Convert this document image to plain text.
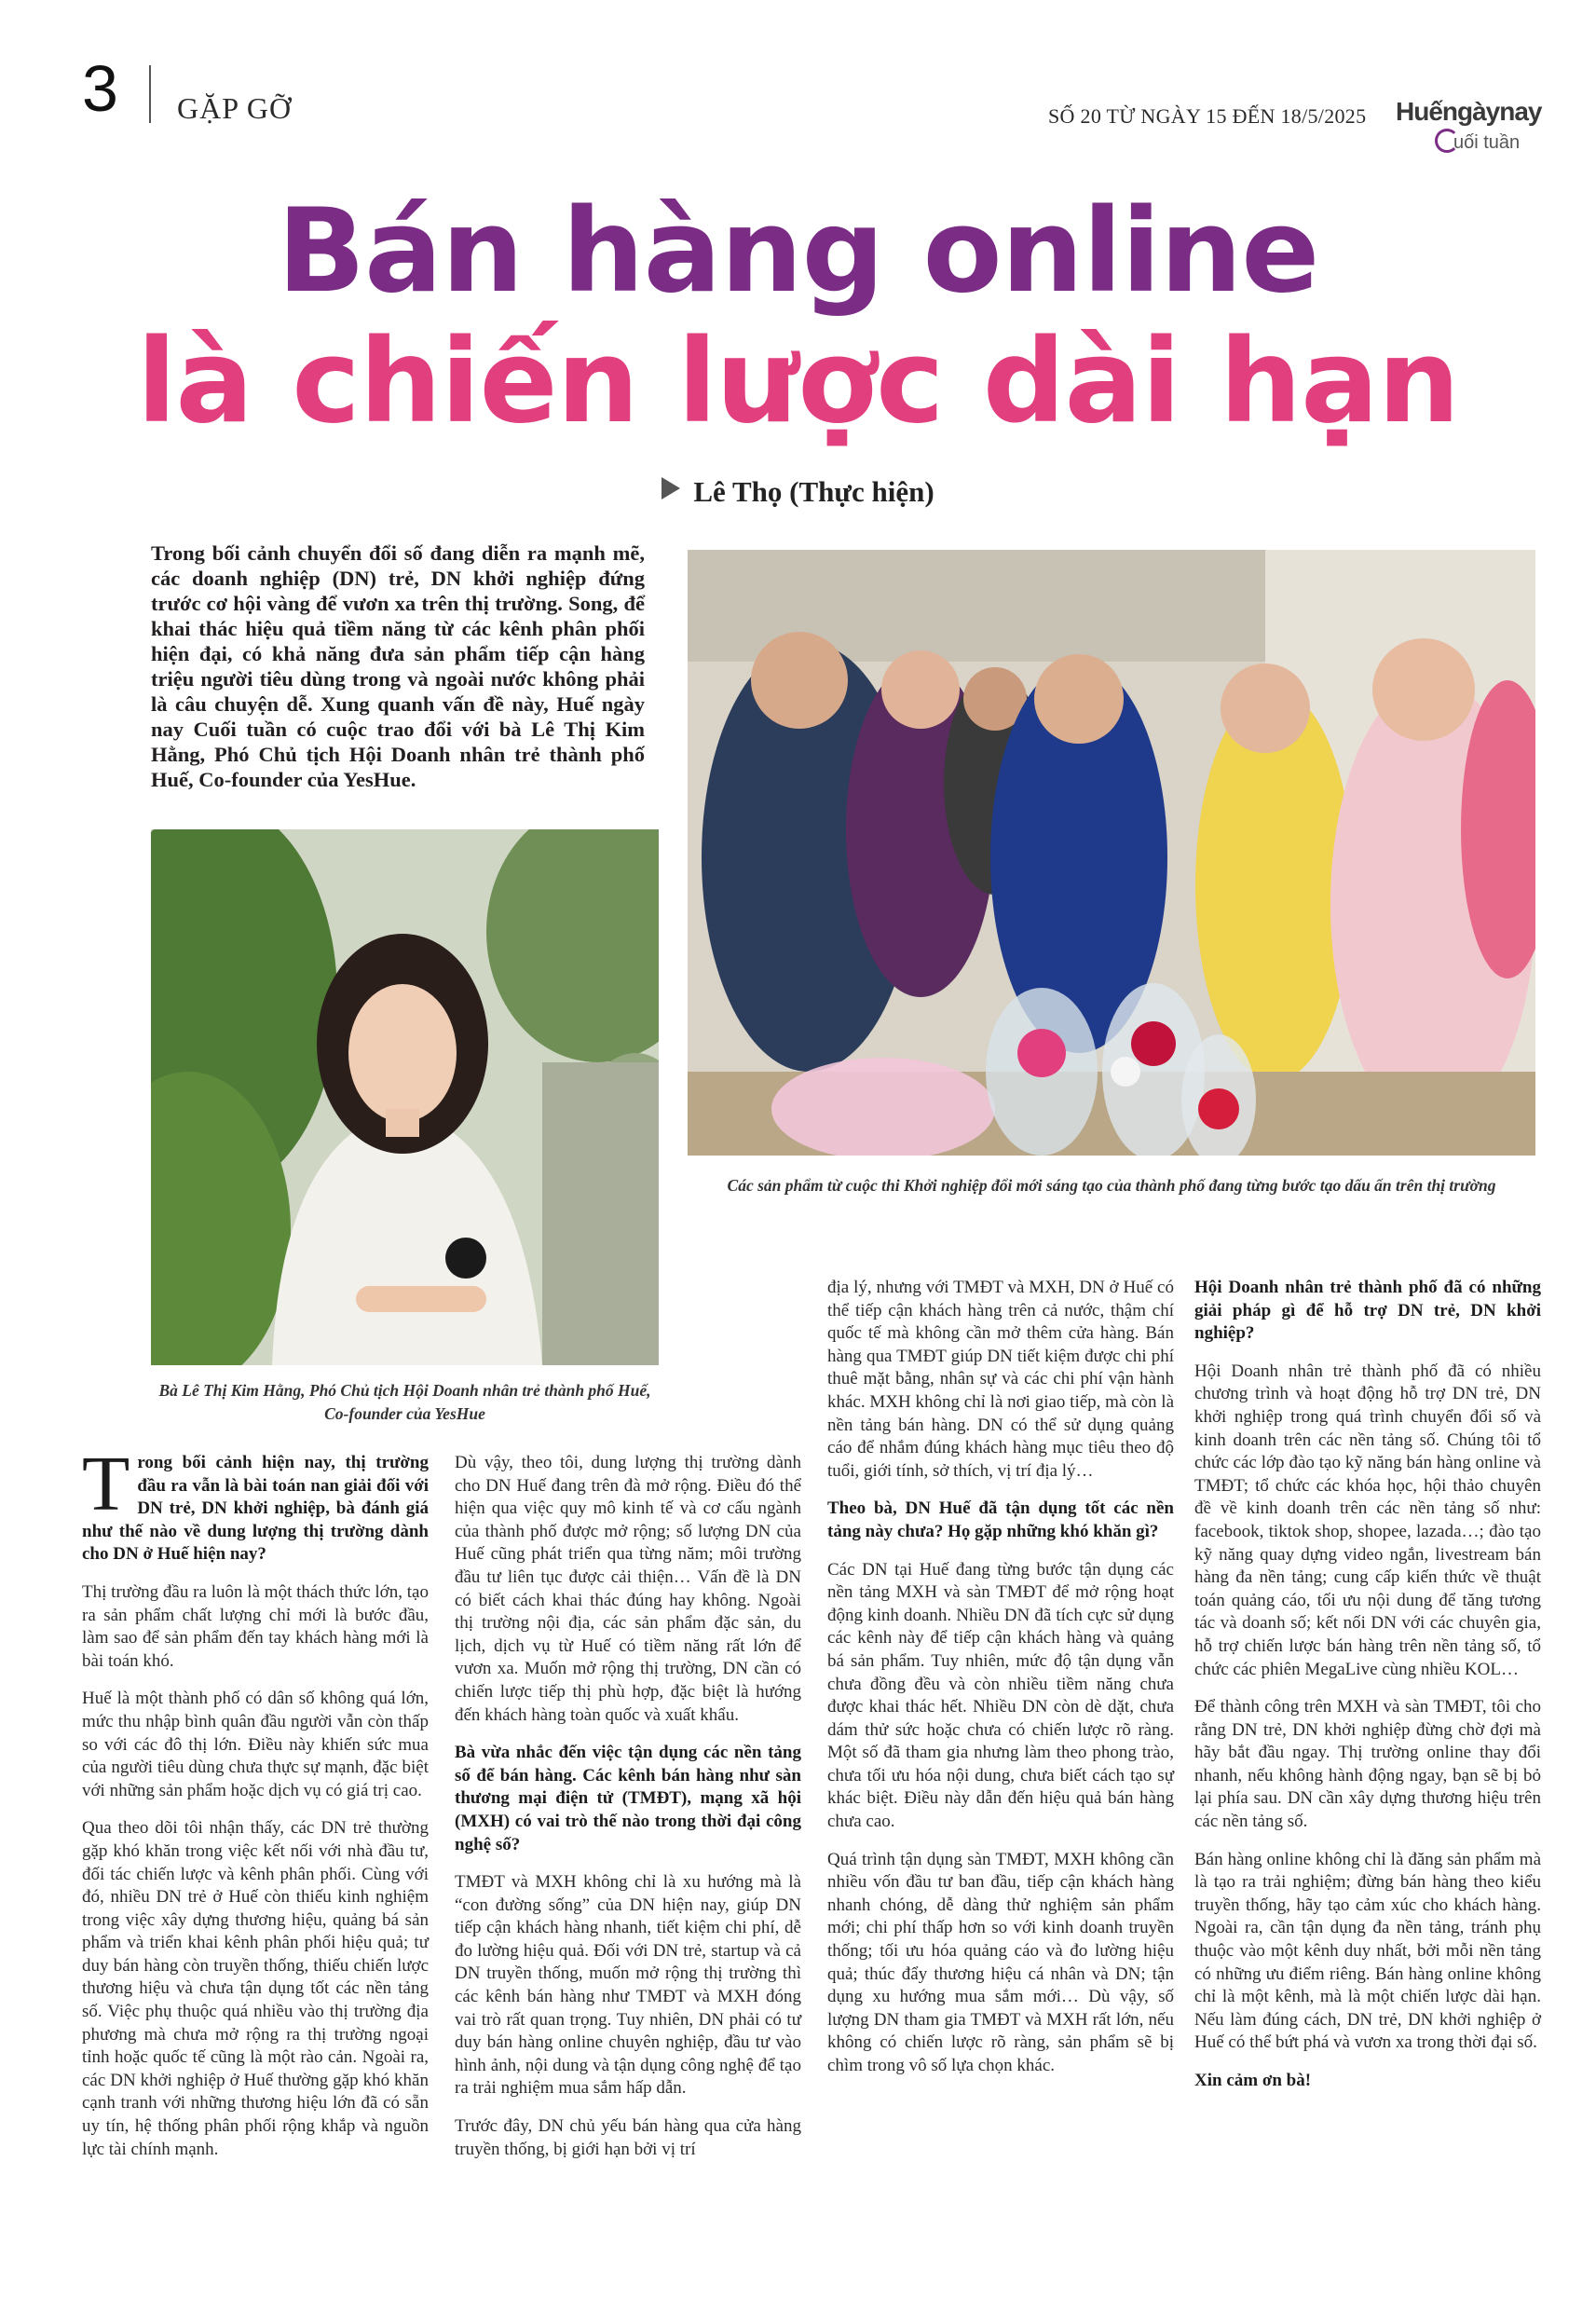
3 GẶP GỠ	SỐ 20 TỪ NGÀY 15 ĐẾN 18/5/2025 Huếngàynay
uối tuần
Bán hàng online
là chiến lược dài hạn
Lê Thọ (Thực hiện)
Trong bối cảnh chuyển đổi số đang diễn ra mạnh mẽ, các doanh nghiệp (DN) trẻ, DN khởi nghiệp đứng trước cơ hội vàng để vươn xa trên thị trường. Song, để khai thác hiệu quả tiềm năng từ các kênh phân phối hiện đại, có khả năng đưa sản phẩm tiếp cận hàng triệu người tiêu dùng trong và ngoài nước không phải là câu chuyện dễ. Xung quanh vấn đề này, Huế ngày nay Cuối tuần có cuộc trao đổi với bà Lê Thị Kim Hằng, Phó Chủ tịch Hội Doanh nhân trẻ thành phố Huế, Co-founder của YesHue.
Bà Lê Thị Kim Hằng, Phó Chủ tịch Hội Doanh nhân trẻ thành phố Huế, Co-founder của YesHue
Các sản phẩm từ cuộc thi Khởi nghiệp đổi mới sáng tạo của thành phố đang từng bước tạo dấu ấn trên thị trường

Trong bối cảnh hiện nay, thị trường đầu ra vẫn là bài toán nan giải đối với DN trẻ, DN khởi nghiệp, bà đánh giá như thế nào về dung lượng thị trường dành cho DN ở Huế hiện nay?

Thị trường đầu ra luôn là một thách thức lớn, tạo ra sản phẩm chất lượng chỉ mới là bước đầu, làm sao để sản phẩm đến tay khách hàng mới là bài toán khó.

Huế là một thành phố có dân số không quá lớn, mức thu nhập bình quân đầu người vẫn còn thấp so với các đô thị lớn. Điều này khiến sức mua của người tiêu dùng chưa thực sự mạnh, đặc biệt với những sản phẩm hoặc dịch vụ có giá trị cao.

Qua theo dõi tôi nhận thấy, các DN trẻ thường gặp khó khăn trong việc kết nối với nhà đầu tư, đối tác chiến lược và kênh phân phối. Cùng với đó, nhiều DN trẻ ở Huế còn thiếu kinh nghiệm trong việc xây dựng thương hiệu, quảng bá sản phẩm và triển khai kênh phân phối hiệu quả; tư duy bán hàng còn truyền thống, thiếu chiến lược thương hiệu và chưa tận dụng tốt các nền tảng số. Việc phụ thuộc quá nhiều vào thị trường địa phương mà chưa mở rộng ra thị trường ngoại tỉnh hoặc quốc tế cũng là một rào cản. Ngoài ra, các DN khởi nghiệp ở Huế thường gặp khó khăn cạnh tranh với những thương hiệu lớn đã có sẵn uy tín, hệ thống phân phối rộng khắp và nguồn lực tài chính mạnh.

Dù vậy, theo tôi, dung lượng thị trường dành cho DN Huế đang trên đà mở rộng. Điều đó thể hiện qua việc quy mô kinh tế và cơ cấu ngành của thành phố được mở rộng; số lượng DN của Huế cũng phát triển qua từng năm; môi trường đầu tư liên tục được cải thiện… Vấn đề là DN có biết cách khai thác đúng hay không. Ngoài thị trường nội địa, các sản phẩm đặc sản, du lịch, dịch vụ từ Huế có tiềm năng rất lớn để vươn xa. Muốn mở rộng thị trường, DN cần có chiến lược tiếp thị phù hợp, đặc biệt là hướng đến khách hàng toàn quốc và xuất khẩu.

Bà vừa nhắc đến việc tận dụng các nền tảng số để bán hàng. Các kênh bán hàng như sàn thương mại điện tử (TMĐT), mạng xã hội (MXH) có vai trò thế nào trong thời đại công nghệ số?

TMĐT và MXH không chỉ là xu hướng mà là “con đường sống” của DN hiện nay, giúp DN tiếp cận khách hàng nhanh, tiết kiệm chi phí, dễ đo lường hiệu quả. Đối với DN trẻ, startup và cả DN truyền thống, muốn mở rộng thị trường thì các kênh bán hàng như TMĐT và MXH đóng vai trò rất quan trọng. Tuy nhiên, DN phải có tư duy bán hàng online chuyên nghiệp, đầu tư vào hình ảnh, nội dung và tận dụng công nghệ để tạo ra trải nghiệm mua sắm hấp dẫn.

Trước đây, DN chủ yếu bán hàng qua cửa hàng truyền thống, bị giới hạn bởi vị trí

địa lý, nhưng với TMĐT và MXH, DN ở Huế có thể tiếp cận khách hàng trên cả nước, thậm chí quốc tế mà không cần mở thêm cửa hàng. Bán hàng qua TMĐT giúp DN tiết kiệm được chi phí thuê mặt bằng, nhân sự và các chi phí vận hành khác. MXH không chỉ là nơi giao tiếp, mà còn là nền tảng bán hàng. DN có thể sử dụng quảng cáo để nhắm đúng khách hàng mục tiêu theo độ tuổi, giới tính, sở thích, vị trí địa lý…

Theo bà, DN Huế đã tận dụng tốt các nền tảng này chưa? Họ gặp những khó khăn gì?

Các DN tại Huế đang từng bước tận dụng các nền tảng MXH và sàn TMĐT để mở rộng hoạt động kinh doanh. Nhiều DN đã tích cực sử dụng các kênh này để tiếp cận khách hàng và quảng bá sản phẩm. Tuy nhiên, mức độ tận dụng vẫn chưa đồng đều và còn nhiều tiềm năng chưa được khai thác hết. Nhiều DN còn dè dặt, chưa dám thử sức hoặc chưa có chiến lược rõ ràng. Một số đã tham gia nhưng làm theo phong trào, chưa tối ưu hóa nội dung, chưa biết cách tạo sự khác biệt. Điều này dẫn đến hiệu quả bán hàng chưa cao.

Quá trình tận dụng sàn TMĐT, MXH không cần nhiều vốn đầu tư ban đầu, tiếp cận khách hàng nhanh chóng, dễ dàng thử nghiệm sản phẩm mới; chi phí thấp hơn so với kinh doanh truyền thống; tối ưu hóa quảng cáo và đo lường hiệu quả; thúc đẩy thương hiệu cá nhân và DN; tận dụng xu hướng mua sắm mới… Dù vậy, số lượng DN tham gia TMĐT và MXH rất lớn, nếu không có chiến lược rõ ràng, sản phẩm sẽ bị chìm trong vô số lựa chọn khác.

Hội Doanh nhân trẻ thành phố đã có những giải pháp gì để hỗ trợ DN trẻ, DN khởi nghiệp?

Hội Doanh nhân trẻ thành phố đã có nhiều chương trình và hoạt động hỗ trợ DN trẻ, DN khởi nghiệp trong quá trình chuyển đổi số và kinh doanh trên các nền tảng số. Chúng tôi tổ chức các lớp đào tạo kỹ năng bán hàng online và TMĐT; tổ chức các khóa học, hội thảo chuyên đề về kinh doanh trên các nền tảng số như: facebook, tiktok shop, shopee, lazada…; đào tạo kỹ năng quay dựng video ngắn, livestream bán hàng đa nền tảng; cung cấp kiến thức về thuật toán quảng cáo, tối ưu nội dung để tăng tương tác và doanh số; kết nối DN với các chuyên gia, hỗ trợ chiến lược bán hàng trên nền tảng số, tổ chức các phiên MegaLive cùng nhiều KOL…

Để thành công trên MXH và sàn TMĐT, tôi cho rằng DN trẻ, DN khởi nghiệp đừng chờ đợi mà hãy bắt đầu ngay. Thị trường online thay đổi nhanh, nếu không hành động ngay, bạn sẽ bị bỏ lại phía sau. DN cần xây dựng thương hiệu trên các nền tảng số.

Bán hàng online không chỉ là đăng sản phẩm mà là tạo ra trải nghiệm; đừng bán hàng theo kiểu truyền thống, hãy tạo cảm xúc cho khách hàng. Ngoài ra, cần tận dụng đa nền tảng, tránh phụ thuộc vào một kênh duy nhất, bởi mỗi nền tảng có những ưu điểm riêng. Bán hàng online không chỉ là một kênh, mà là một chiến lược dài hạn. Nếu làm đúng cách, DN trẻ, DN khởi nghiệp ở Huế có thể bứt phá và vươn xa trong thời đại số.

Xin cảm ơn bà!
